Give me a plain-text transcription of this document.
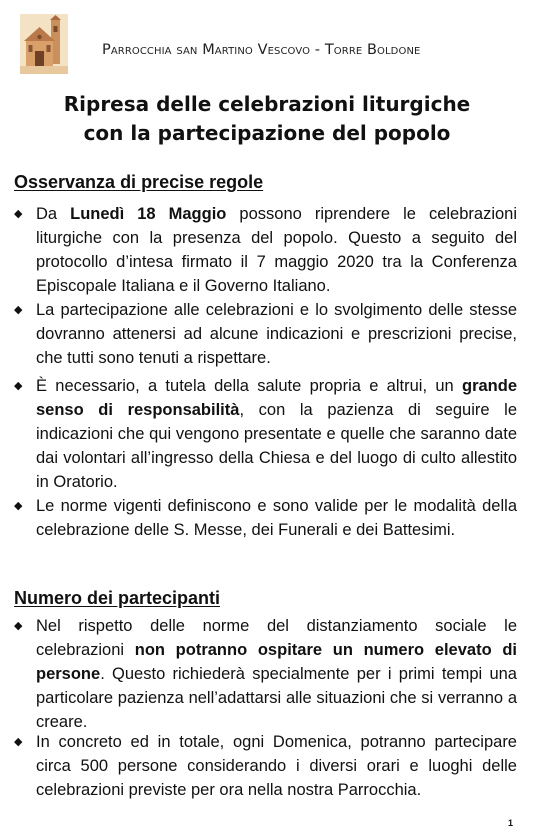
Parrocchia san Martino Vescovo - Torre Boldone
Ripresa delle celebrazioni liturgiche
con la partecipazione del popolo
Osservanza di precise regole
◆ Da Lunedì 18 Maggio possono riprendere le celebrazioni liturgiche con la presenza del popolo. Questo a seguito del protocollo d’intesa firmato il 7 maggio 2020 tra la Conferenza Episcopale Italiana e il Governo Italiano.

◆ La partecipazione alle celebrazioni e lo svolgimento delle stesse dovranno attenersi ad alcune indicazioni e prescrizioni precise, che tutti sono tenuti a rispettare.

◆ È necessario, a tutela della salute propria e altrui, un grande senso di responsabilità, con la pazienza di seguire le indicazioni che qui vengono presentate e quelle che saranno date dai volontari all’ingresso della Chiesa e del luogo di culto allestito in Oratorio.

◆ Le norme vigenti definiscono e sono valide per le modalità della celebrazione delle S. Messe, dei Funerali e dei Battesimi.

Numero dei partecipanti
◆ Nel rispetto delle norme del distanziamento sociale le celebrazioni non potranno ospitare un numero elevato di persone. Questo richiederà specialmente per i primi tempi una particolare pazienza nell’adattarsi alle situazioni che si verranno a creare.

◆ In concreto ed in totale, ogni Domenica, potranno partecipare circa 500 persone considerando i diversi orari e luoghi delle celebrazioni previste per ora nella nostra Parrocchia.

1
